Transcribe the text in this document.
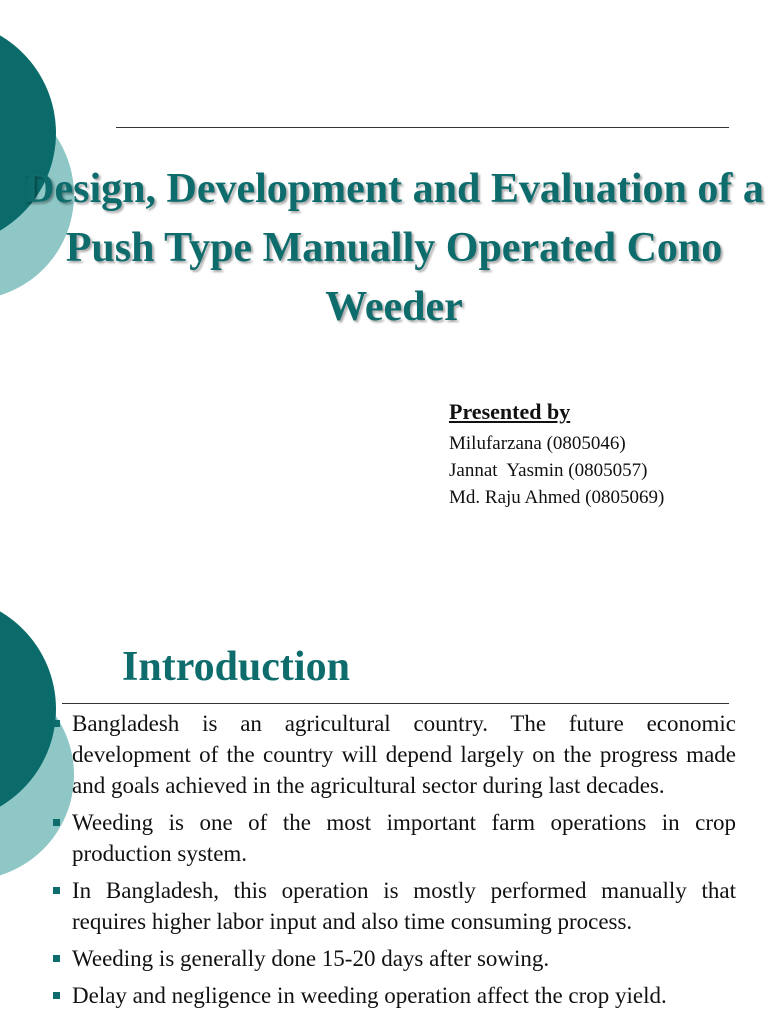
Design, Development and Evaluation of a Push Type Manually Operated Cono Weeder
Presented by
Milufarzana (0805046)
Jannat  Yasmin (0805057)
Md. Raju Ahmed (0805069)
Introduction
Bangladesh is an agricultural country. The future economic development of the country will depend largely on the progress made and goals achieved in the agricultural sector during last decades.
Weeding is one of the most important farm operations in crop production system.
In Bangladesh, this operation is mostly performed manually that requires higher labor input and also time consuming process.
Weeding is generally done 15-20 days after sowing.
Delay and negligence in weeding operation affect the crop yield.
